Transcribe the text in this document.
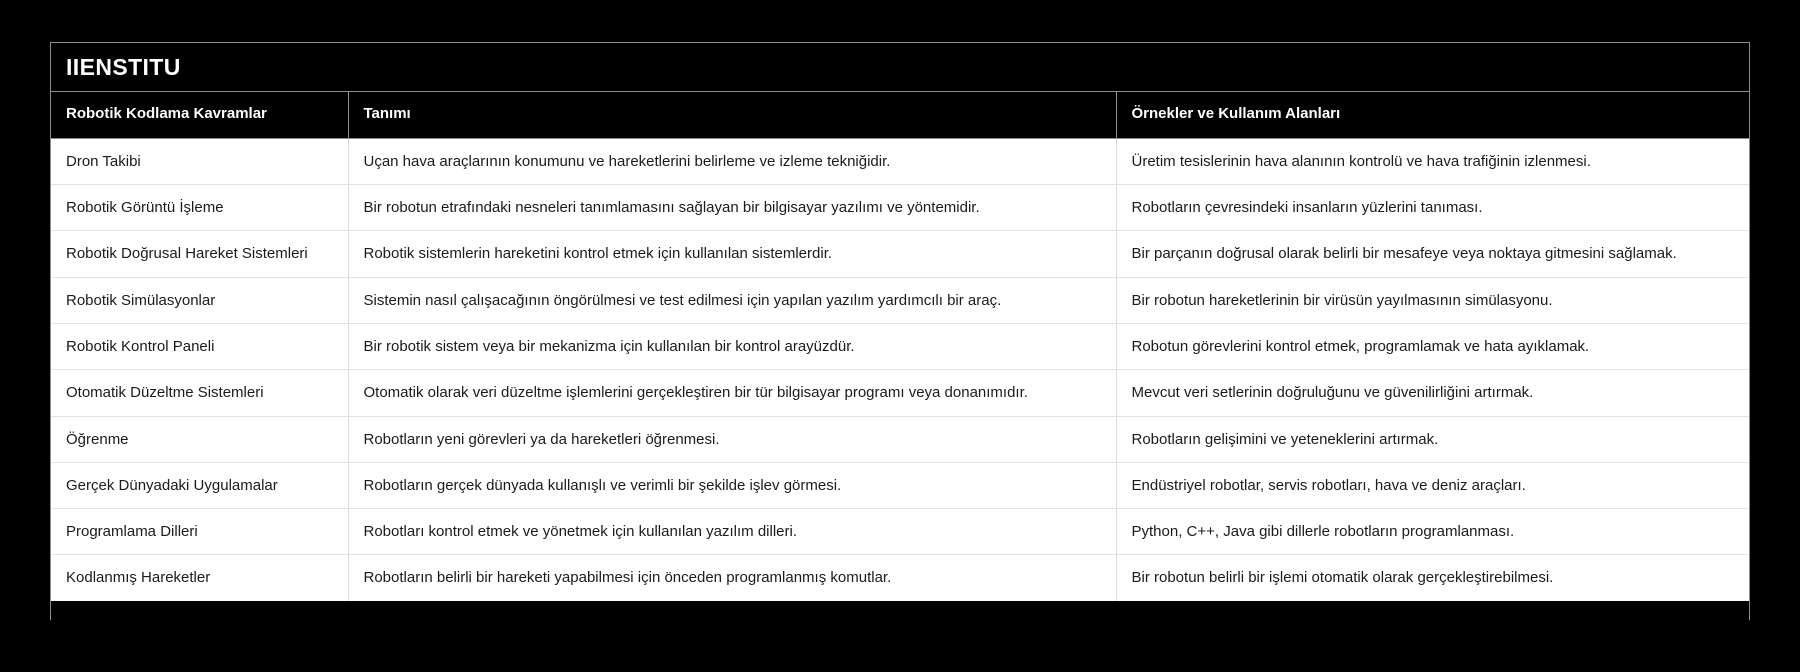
IIENSTITU
Robotik Kodlama Kavramlar	Tanımı	Örnekler ve Kullanım Alanları
Dron Takibi	Uçan hava araçlarının konumunu ve hareketlerini belirleme ve izleme tekniğidir.	Üretim tesislerinin hava alanının kontrolü ve hava trafiğinin izlenmesi.
Robotik Görüntü İşleme	Bir robotun etrafındaki nesneleri tanımlamasını sağlayan bir bilgisayar yazılımı ve yöntemidir.	Robotların çevresindeki insanların yüzlerini tanıması.
Robotik Doğrusal Hareket Sistemleri	Robotik sistemlerin hareketini kontrol etmek için kullanılan sistemlerdir.	Bir parçanın doğrusal olarak belirli bir mesafeye veya noktaya gitmesini sağlamak.
Robotik Simülasyonlar	Sistemin nasıl çalışacağının öngörülmesi ve test edilmesi için yapılan yazılım yardımcılı bir araç.	Bir robotun hareketlerinin bir virüsün yayılmasının simülasyonu.
Robotik Kontrol Paneli	Bir robotik sistem veya bir mekanizma için kullanılan bir kontrol arayüzdür.	Robotun görevlerini kontrol etmek, programlamak ve hata ayıklamak.
Otomatik Düzeltme Sistemleri	Otomatik olarak veri düzeltme işlemlerini gerçekleştiren bir tür bilgisayar programı veya donanımıdır.	Mevcut veri setlerinin doğruluğunu ve güvenilirliğini artırmak.
Öğrenme	Robotların yeni görevleri ya da hareketleri öğrenmesi.	Robotların gelişimini ve yeteneklerini artırmak.
Gerçek Dünyadaki Uygulamalar	Robotların gerçek dünyada kullanışlı ve verimli bir şekilde işlev görmesi.	Endüstriyel robotlar, servis robotları, hava ve deniz araçları.
Programlama Dilleri	Robotları kontrol etmek ve yönetmek için kullanılan yazılım dilleri.	Python, C++, Java gibi dillerle robotların programlanması.
Kodlanmış Hareketler	Robotların belirli bir hareketi yapabilmesi için önceden programlanmış komutlar.	Bir robotun belirli bir işlemi otomatik olarak gerçekleştirebilmesi.
